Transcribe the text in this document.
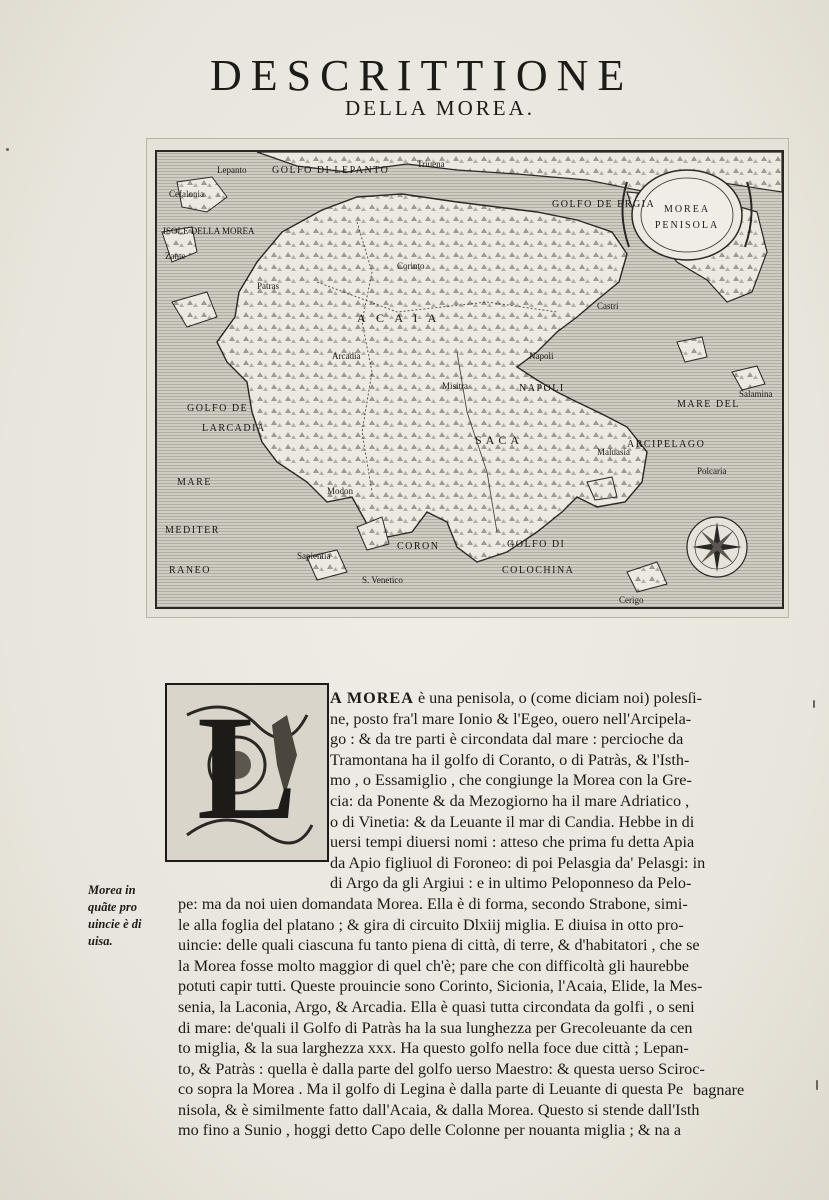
DESCRITTIONE
DELLA MOREA.
MOREA
PENISOLA
GOLFO DI LEPANTO
Lepanto
Triuena
ISOLE DELLA MOREA
GOLFO DE ERGIA
A C A I A
Corinto
Patras
Arcadia
NAPOLI
Napoli
Castri
MARE DEL
ARCIPELAGO
GOLFO DE
LARCADIA
MARE
MEDITER
RANEO
CORON	GOLFO DI
COLOCHINA
SACA
Misitra
Modon
Maluasia
Cerigo
Salamina
Sapientia
S. Venetico
Zante
Cefalonia
Polcaria
L	A MOREA è una penisola, o (come diciam noi) polesſi-
ne, posto fra'l mare Ionio & l'Egeo, ouero nell'Arcipela-
go : & da tre parti è circondata dal mare : percioche da
Tramontana ha il golfo di Coranto, o di Patràs, & l'Isth-
mo , o Essamiglio , che congiunge la Morea con la Gre-
cia: da Ponente & da Mezogiorno ha il mare Adriatico ,
o di Vinetia: & da Leuante il mar di Candia. Hebbe in di
uersi tempi diuersi nomi : atteso che prima fu detta Apia
da Apio figliuol di Foroneo: di poi Pelasgia da' Pelasgi: in
di Argo da gli Argiui : e in ultimo Peloponneso da Pelo-
pe: ma da noi uien domandata Morea. Ella è di forma, secondo Strabone, simi-
le alla foglia del platano ; & gira di circuito Dlxiij miglia. E diuisa in otto pro-
uincie: delle quali ciascuna fu tanto piena di città, di terre, & d'habitatori , che se
la Morea fosse molto maggior di quel ch'è; pare che con difficoltà gli haurebbe
potuti capir tutti. Queste prouincie sono Corinto, Sicionia, l'Acaia, Elide, la Mes-
senia, la Laconia, Argo, & Arcadia. Ella è quasi tutta circondata da golfi , o seni
di mare: de'quali il Golfo di Patràs ha la sua lunghezza per Grecoleuante da cen
to miglia, & la sua larghezza xxx. Ha questo golfo nella foce due città ; Lepan-
to, & Patràs : quella è dalla parte del golfo uerso Maestro: & questa uerso Sciroc-
co sopra la Morea . Ma il golfo di Legina è dalla parte di Leuante di questa Pe
nisola, & è similmente fatto dall'Acaia, & dalla Morea. Questo si stende dall'Isth
mo fino a Sunio , hoggi detto Capo delle Colonne per nouanta miglia ; & na a
bagnare
Morea in
quãte pro
uincie è di
uisa.
